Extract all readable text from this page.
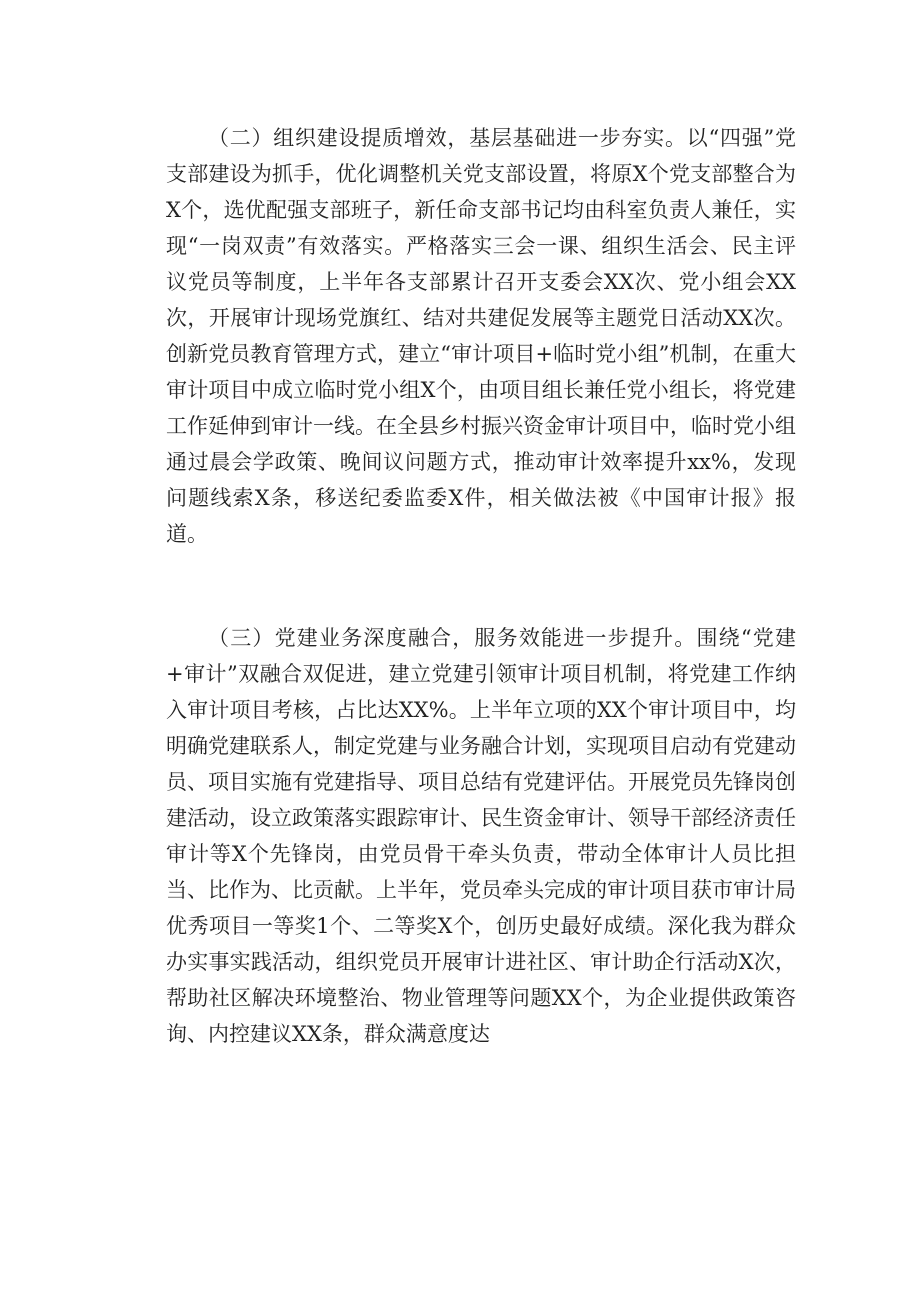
（二）组织建设提质增效，基层基础进一步夯实。以“四强”党支部建设为抓手，优化调整机关党支部设置，将原X个党支部整合为X个，选优配强支部班子，新任命支部书记均由科室负责人兼任，实现“一岗双责”有效落实。严格落实三会一课、组织生活会、民主评议党员等制度，上半年各支部累计召开支委会XX次、党小组会XX次，开展审计现场党旗红、结对共建促发展等主题党日活动XX次。创新党员教育管理方式，建立“审计项目+临时党小组”机制，在重大审计项目中成立临时党小组X个，由项目组长兼任党小组长，将党建工作延伸到审计一线。在全县乡村振兴资金审计项目中，临时党小组通过晨会学政策、晚间议问题方式，推动审计效率提升xx%，发现问题线索X条，移送纪委监委X件，相关做法被《中国审计报》报道。

（三）党建业务深度融合，服务效能进一步提升。围绕“党建+审计”双融合双促进，建立党建引领审计项目机制，将党建工作纳入审计项目考核，占比达XX%。上半年立项的XX个审计项目中，均明确党建联系人，制定党建与业务融合计划，实现项目启动有党建动员、项目实施有党建指导、项目总结有党建评估。开展党员先锋岗创建活动，设立政策落实跟踪审计、民生资金审计、领导干部经济责任审计等X个先锋岗，由党员骨干牵头负责，带动全体审计人员比担当、比作为、比贡献。上半年，党员牵头完成的审计项目获市审计局优秀项目一等奖1个、二等奖X个，创历史最好成绩。深化我为群众办实事实践活动，组织党员开展审计进社区、审计助企行活动X次，帮助社区解决环境整治、物业管理等问题XX个，为企业提供政策咨询、内控建议XX条，群众满意度达
